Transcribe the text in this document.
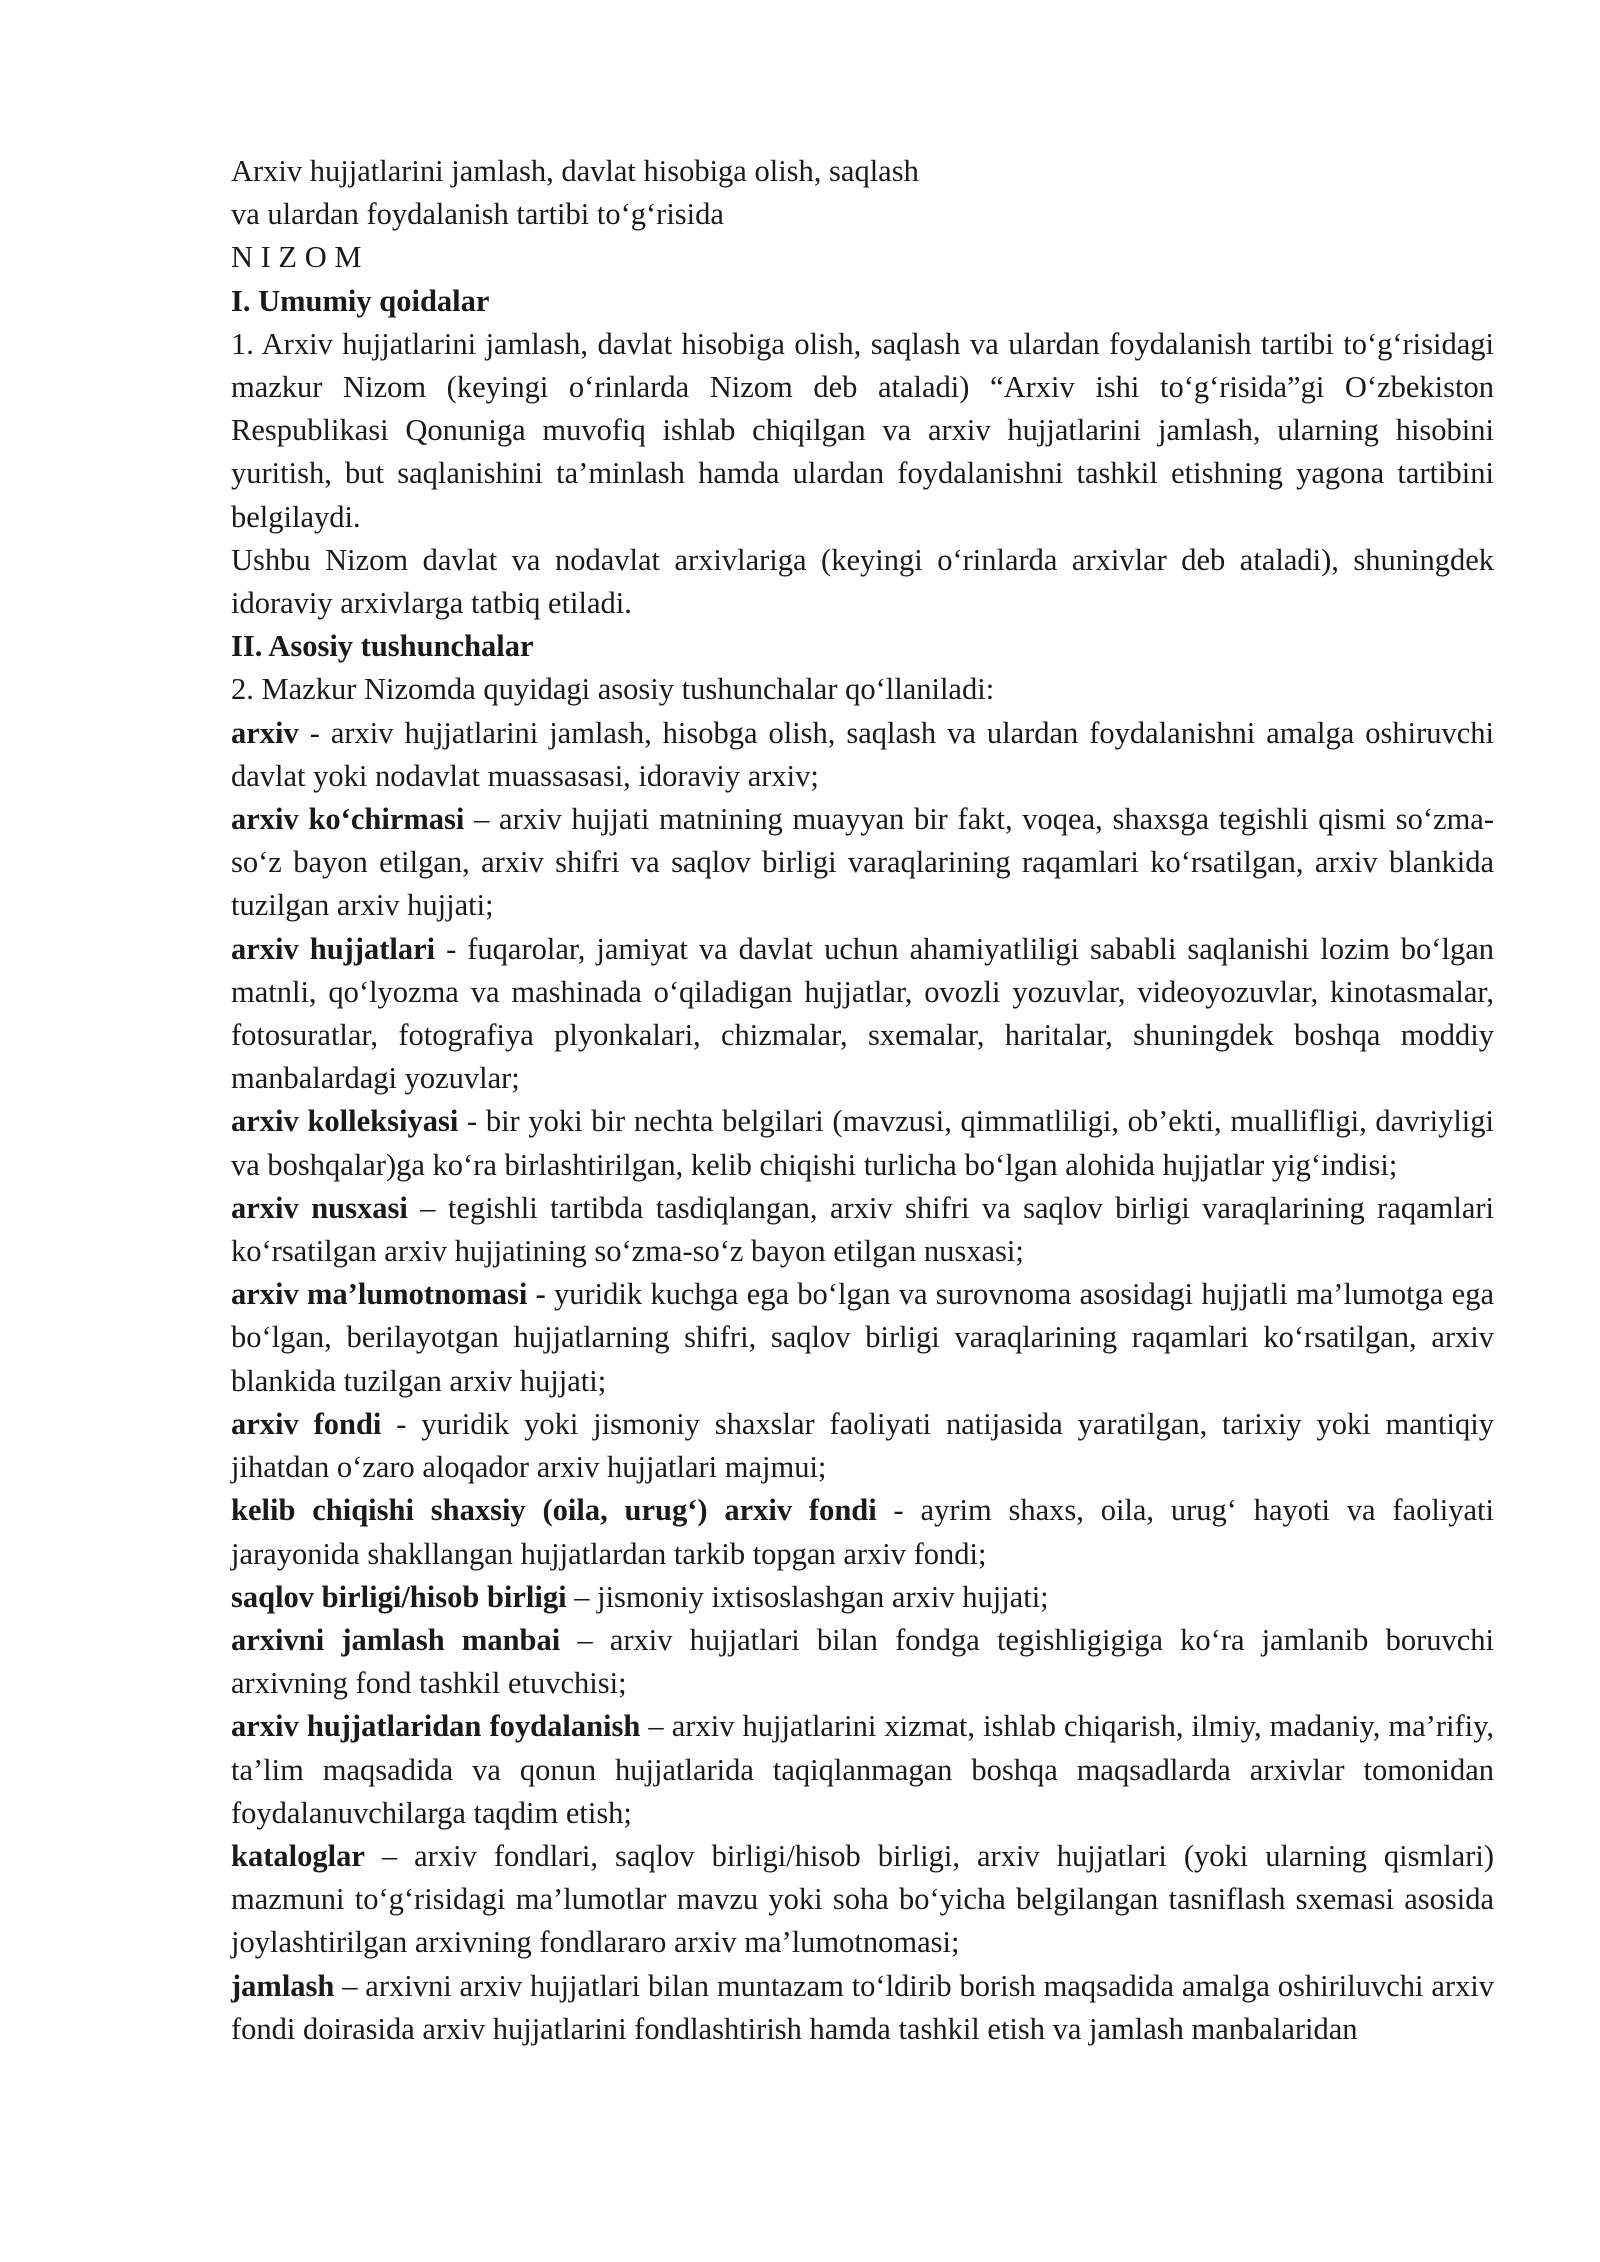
Arxiv hujjatlarini jamlash, davlat hisobiga olish, saqlash

va ulardan foydalanish tartibi to‘g‘risida

N I Z O M

I. Umumiy qoidalar

1. Arxiv hujjatlarini jamlash, davlat hisobiga olish, saqlash va ulardan foydalanish tartibi to‘g‘risidagi mazkur Nizom (keyingi o‘rinlarda Nizom deb ataladi) “Arxiv ishi to‘g‘risida”gi O‘zbekiston Respublikasi Qonuniga muvofiq ishlab chiqilgan va arxiv hujjatlarini jamlash, ularning hisobini yuritish, but saqlanishini ta’minlash hamda ulardan foydalanishni tashkil etishning yagona tartibini belgilaydi.

Ushbu Nizom davlat va nodavlat arxivlariga (keyingi o‘rinlarda arxivlar deb ataladi), shuningdek idoraviy arxivlarga tatbiq etiladi.

II. Asosiy tushunchalar

2. Mazkur Nizomda quyidagi asosiy tushunchalar qo‘llaniladi:

arxiv - arxiv hujjatlarini jamlash, hisobga olish, saqlash va ulardan foydalanishni amalga oshiruvchi davlat yoki nodavlat muassasasi, idoraviy arxiv;

arxiv ko‘chirmasi – arxiv hujjati matnining muayyan bir fakt, voqea, shaxsga tegishli qismi so‘zma-so‘z bayon etilgan, arxiv shifri va saqlov birligi varaqlarining raqamlari ko‘rsatilgan, arxiv blankida tuzilgan arxiv hujjati;

arxiv hujjatlari - fuqarolar, jamiyat va davlat uchun ahamiyatliligi sababli saqlanishi lozim bo‘lgan matnli, qo‘lyozma va mashinada o‘qiladigan hujjatlar, ovozli yozuvlar, videoyozuvlar, kinotasmalar, fotosuratlar, fotografiya plyonkalari, chizmalar, sxemalar, haritalar, shuningdek boshqa moddiy manbalardagi yozuvlar;

arxiv kolleksiyasi - bir yoki bir nechta belgilari (mavzusi, qimmatliligi, ob’ekti, muallifligi, davriyligi va boshqalar)ga ko‘ra birlashtirilgan, kelib chiqishi turlicha bo‘lgan alohida hujjatlar yig‘indisi;

arxiv nusxasi – tegishli tartibda tasdiqlangan, arxiv shifri va saqlov birligi varaqlarining raqamlari ko‘rsatilgan arxiv hujjatining so‘zma-so‘z bayon etilgan nusxasi;

arxiv ma’lumotnomasi - yuridik kuchga ega bo‘lgan va surovnoma asosidagi hujjatli ma’lumotga ega bo‘lgan, berilayotgan hujjatlarning shifri, saqlov birligi varaqlarining raqamlari ko‘rsatilgan, arxiv blankida tuzilgan arxiv hujjati;

arxiv fondi - yuridik yoki jismoniy shaxslar faoliyati natijasida yaratilgan, tarixiy yoki mantiqiy jihatdan o‘zaro aloqador arxiv hujjatlari majmui;

kelib chiqishi shaxsiy (oila, urug‘) arxiv fondi - ayrim shaxs, oila, urug‘ hayoti va faoliyati jarayonida shakllangan hujjatlardan tarkib topgan arxiv fondi;

saqlov birligi/hisob birligi – jismoniy ixtisoslashgan arxiv hujjati;

arxivni jamlash manbai – arxiv hujjatlari bilan fondga tegishligigiga ko‘ra jamlanib boruvchi arxivning fond tashkil etuvchisi;

arxiv hujjatlaridan foydalanish – arxiv hujjatlarini xizmat, ishlab chiqarish, ilmiy, madaniy, ma’rifiy, ta’lim maqsadida va qonun hujjatlarida taqiqlanmagan boshqa maqsadlarda arxivlar tomonidan foydalanuvchilarga taqdim etish;

kataloglar – arxiv fondlari, saqlov birligi/hisob birligi, arxiv hujjatlari (yoki ularning qismlari) mazmuni to‘g‘risidagi ma’lumotlar mavzu yoki soha bo‘yicha belgilangan tasniflash sxemasi asosida joylashtirilgan arxivning fondlararo arxiv ma’lumotnomasi;

jamlash – arxivni arxiv hujjatlari bilan muntazam to‘ldirib borish maqsadida amalga oshiriluvchi arxiv fondi doirasida arxiv hujjatlarini fondlashtirish hamda tashkil etish va jamlash manbalaridan
